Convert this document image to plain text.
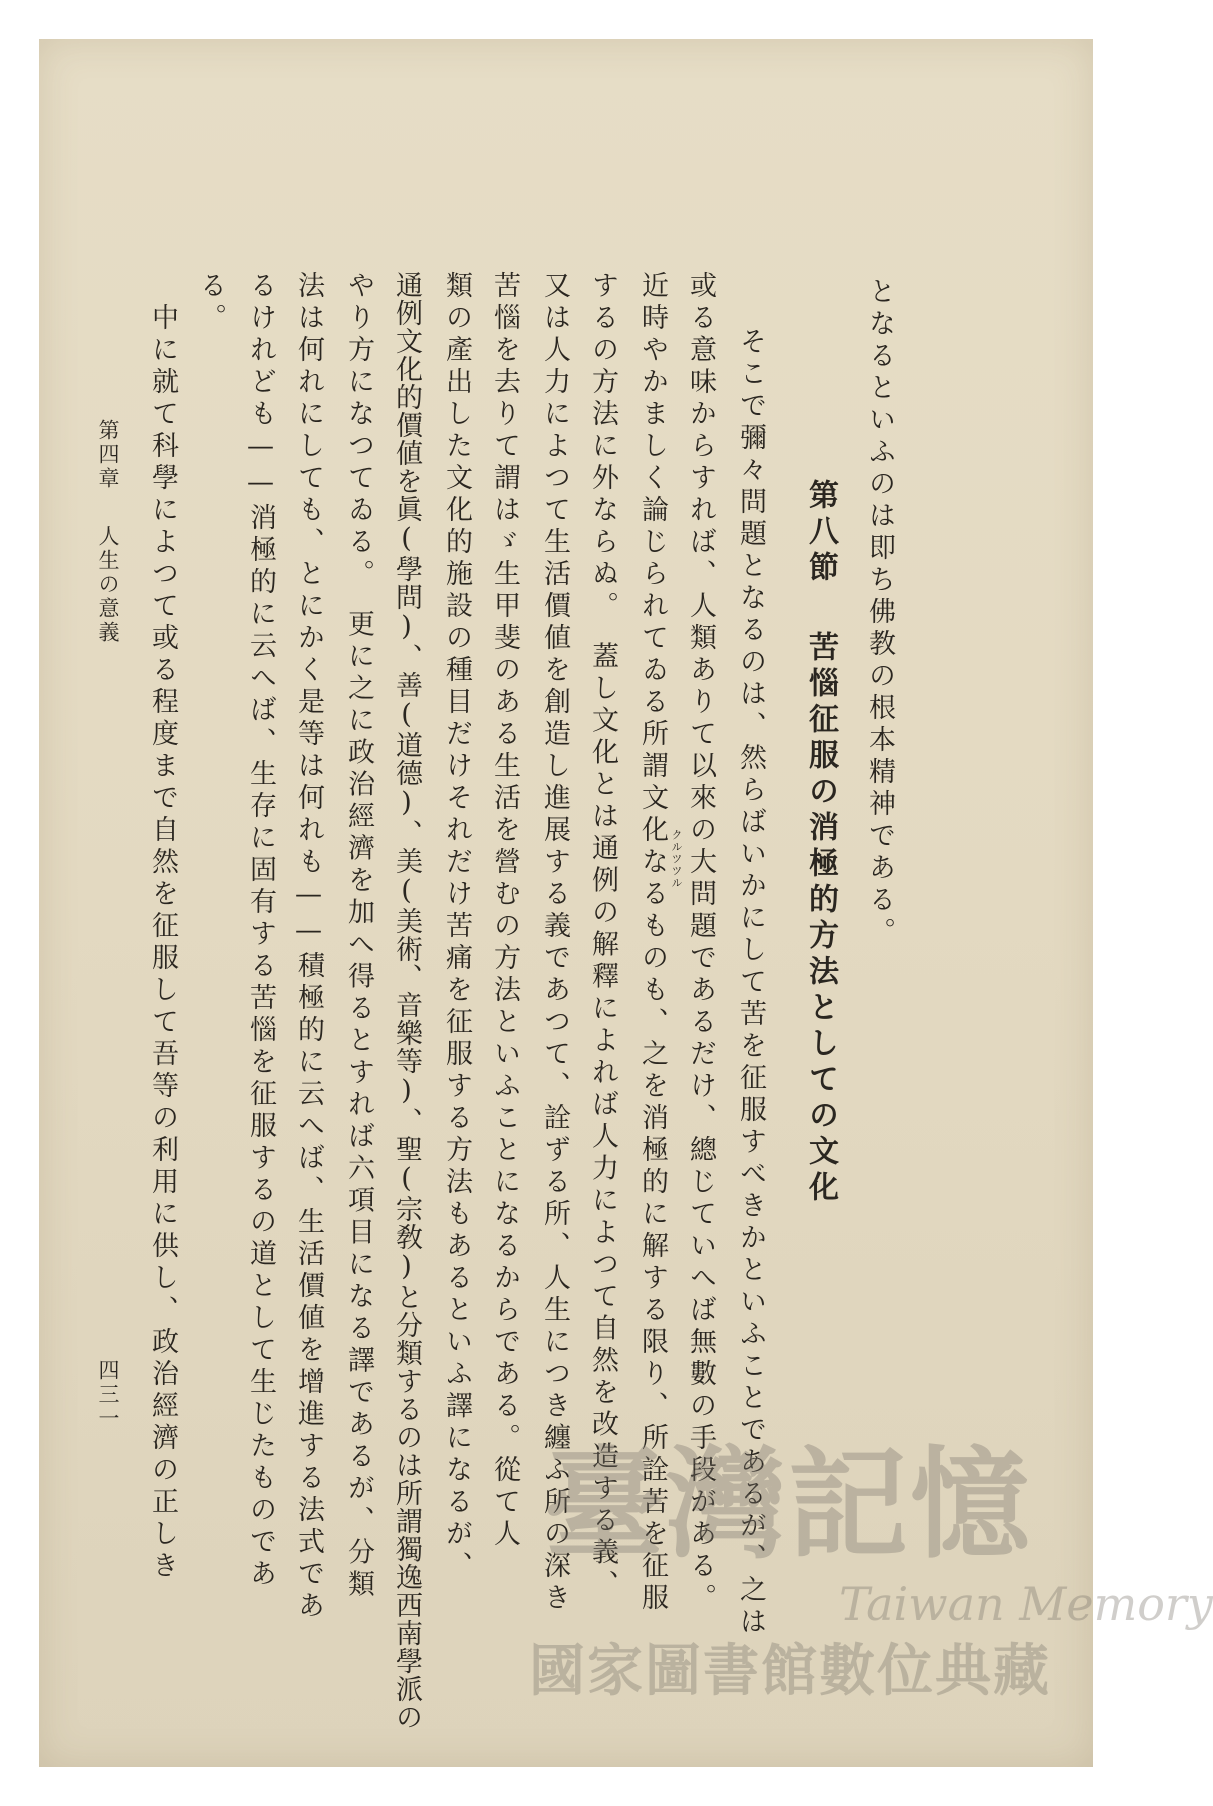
となるといふのは即ち佛教の根本精神である。
第八節苦惱征服の消極的方法としての文化
　そこで彌々問題となるのは、然らばいかにして苦を征服すべきかといふことであるが、之は
或る意味からすれば、人類ありて以來の大問題であるだけ、總じていへば無數の手段がある。
近時やかましく論じられてゐる所謂文化なるものも、之を消極的に解する限り、所詮苦を征服
するの方法に外ならぬ。　蓋し文化とは通例の解釋によれば人力によつて自然を改造する義、
又は人力によつて生活價値を創造し進展する義であつて、詮ずる所、人生につき纏ふ所の深き
苦惱を去りて謂はゞ生甲斐のある生活を營むの方法といふことになるからである。從て人
類の產出した文化的施設の種目だけそれだけ苦痛を征服する方法もあるといふ譯になるが、
通例文化的價値を眞(學問)、善(道德)、美(美術、音樂等)、聖(宗敎)と分類するのは所謂獨逸西南學派の
やり方になつてゐる。　更に之に政治經濟を加へ得るとすれば六項目になる譯であるが、分類
法は何れにしても、とにかく是等は何れも——積極的に云へば、生活價値を增進する法式であ
るけれども——消極的に云へば、生存に固有する苦惱を征服するの道として生じたものであ
る。
　中に就て科學によつて或る程度まで自然を征服して吾等の利用に供し、政治經濟の正しき	クルツツル
第四章人生の意義
四三一
臺灣記憶
Taiwan Memory
國家圖書館數位典藏
